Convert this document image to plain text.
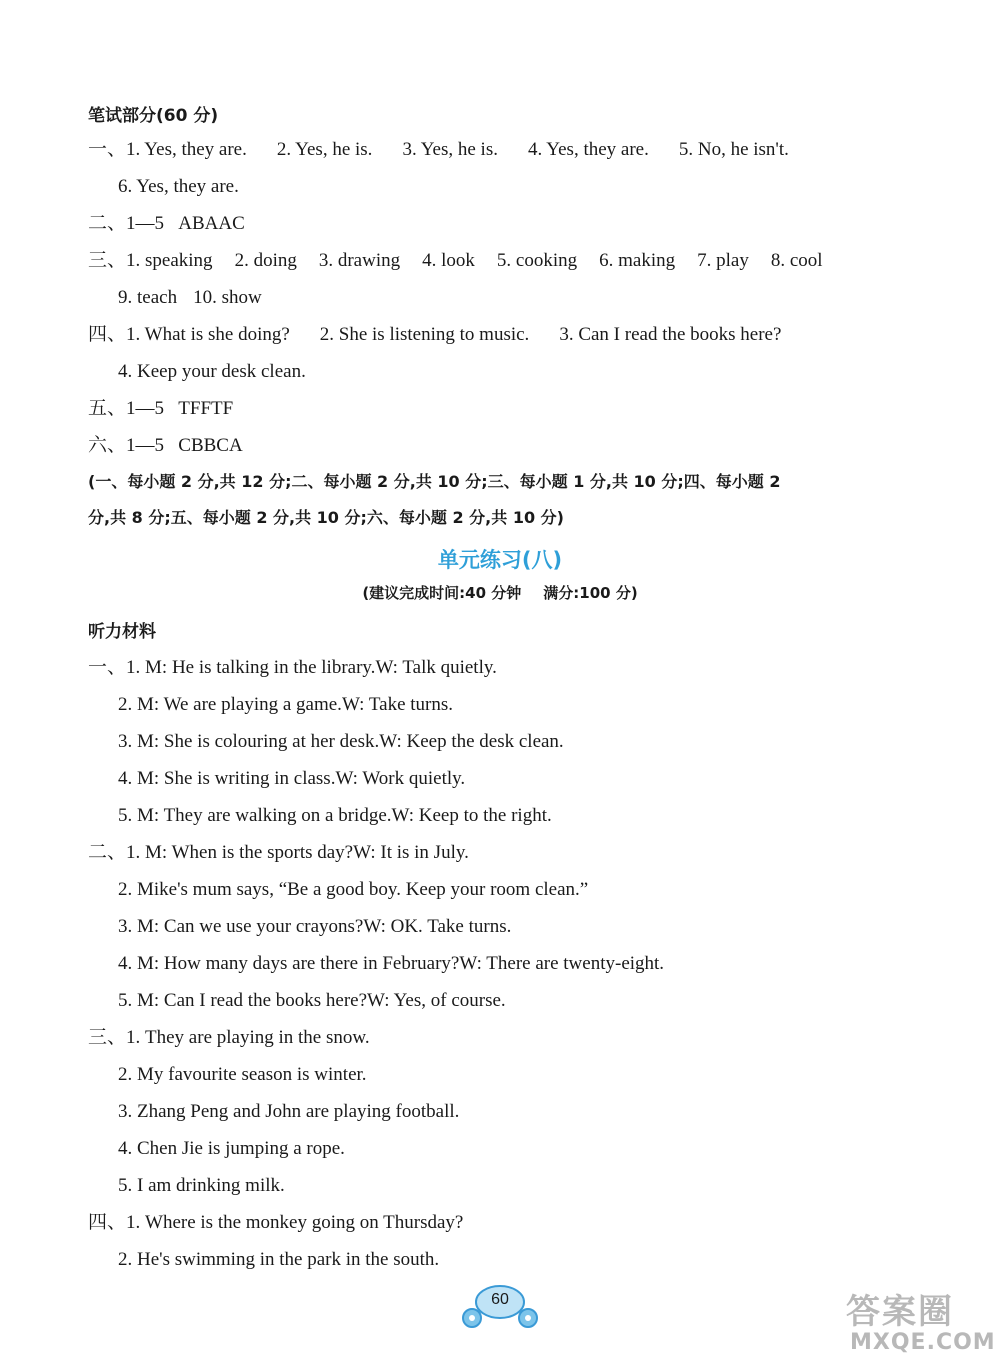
笔试部分(60 分)
一、1. Yes, they are. 2. Yes, he is. 3. Yes, he is. 4. Yes, they are. 5. No, he isn't.
6. Yes, they are.
二、1—5   ABAAC
三、1. speaking 2. doing 3. drawing 4. look 5. cooking 6. making 7. play 8. cool
9. teach 10. show
四、1. What is she doing? 2. She is listening to music. 3. Can I read the books here?
4. Keep your desk clean.
五、1—5   TFFTF
六、1—5   CBBCA
(一、每小题 2 分,共 12 分;二、每小题 2 分,共 10 分;三、每小题 1 分,共 10 分;四、每小题 2
分,共 8 分;五、每小题 2 分,共 10 分;六、每小题 2 分,共 10 分)
单元练习(八)
(建议完成时间:40 分钟 满分:100 分)
听力材料
一、1. M: He is talking in the library.W: Talk quietly.
2. M: We are playing a game.W: Take turns.
3. M: She is colouring at her desk.W: Keep the desk clean.
4. M: She is writing in class.W: Work quietly.
5. M: They are walking on a bridge.W: Keep to the right.
二、1. M: When is the sports day?W: It is in July.
2. Mike's mum says, “Be a good boy. Keep your room clean.”
3. M: Can we use your crayons?W: OK. Take turns.
4. M: How many days are there in February?W: There are twenty-eight.
5. M: Can I read the books here?W: Yes, of course.
三、1. They are playing in the snow.
2. My favourite season is winter.
3. Zhang Peng and John are playing football.
4. Chen Jie is jumping a rope.
5. I am drinking milk.
四、1. Where is the monkey going on Thursday?
2. He's swimming in the park in the south.
60	答案圈
MXQE.COM
